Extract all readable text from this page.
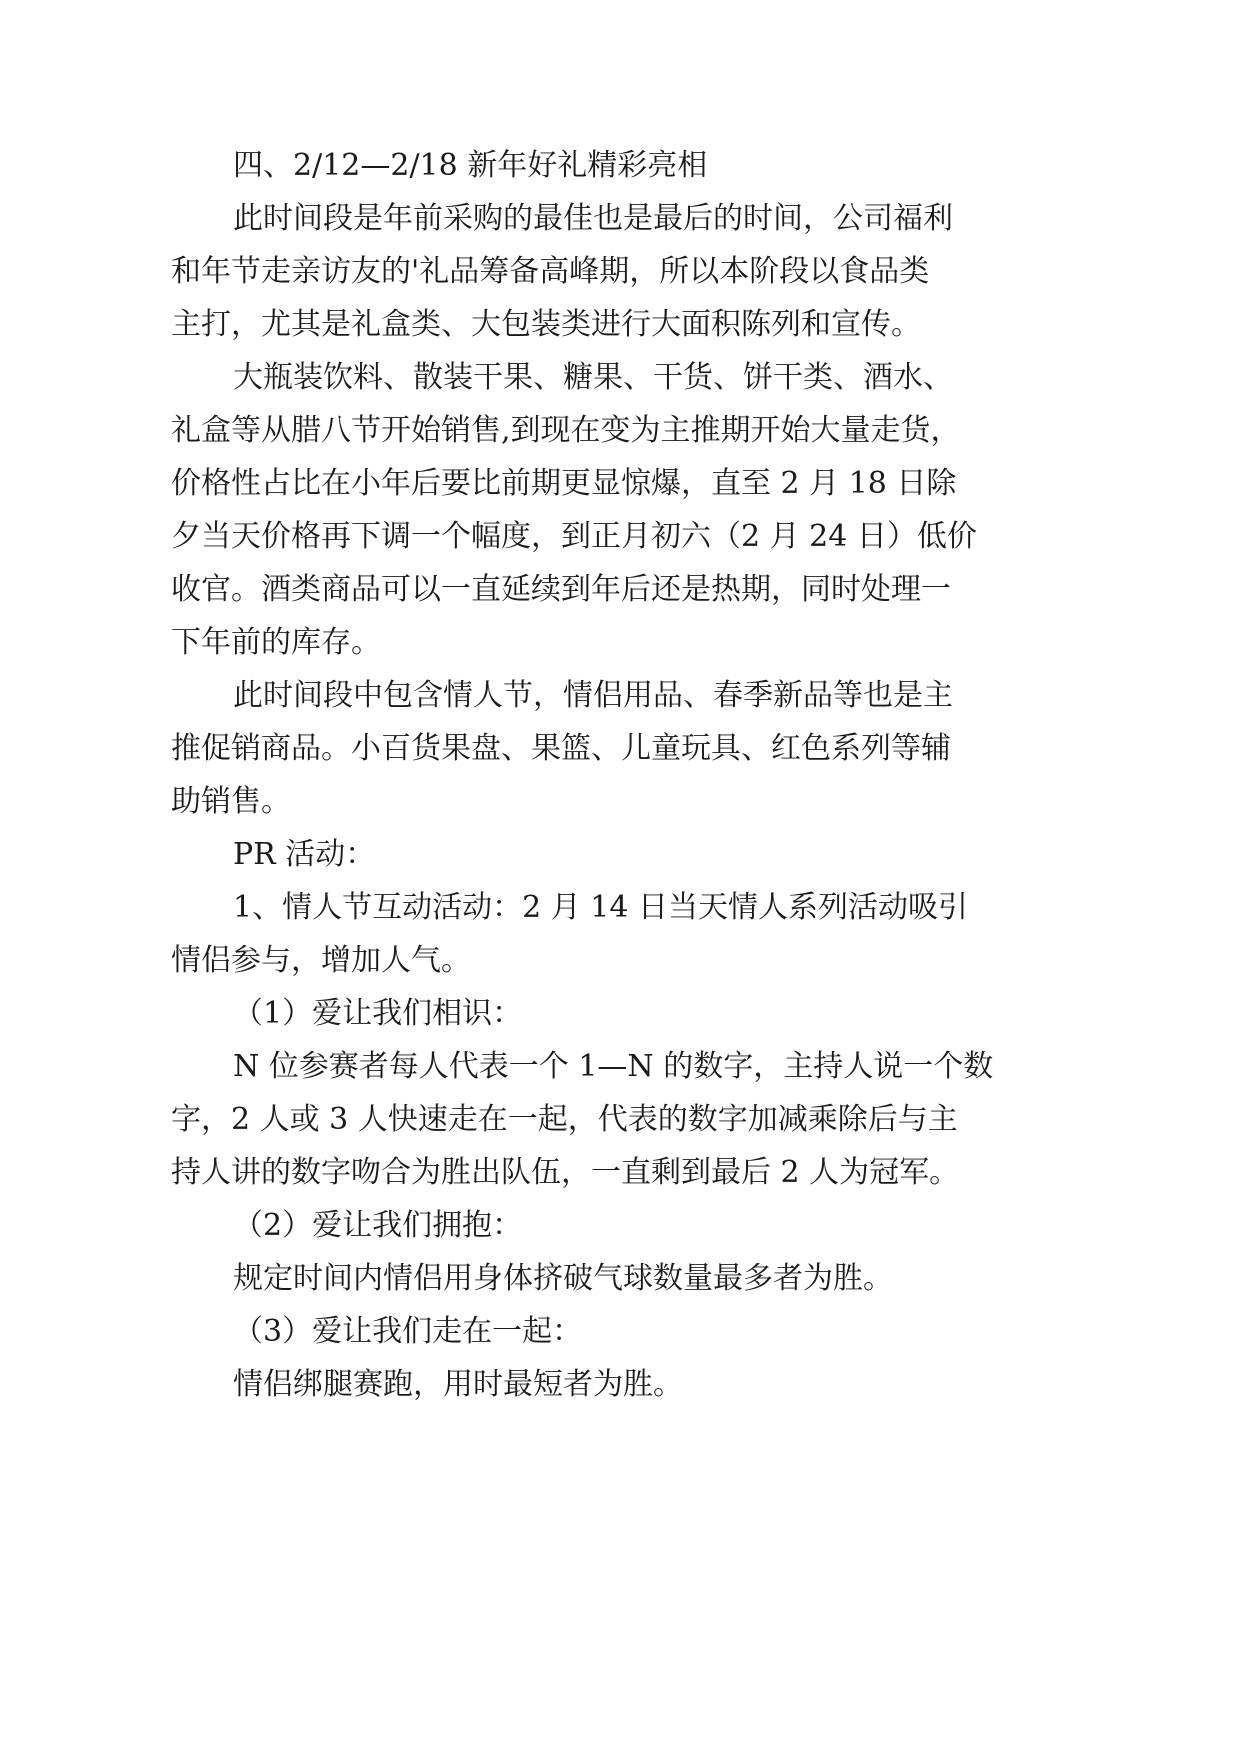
四、2/12—2/18 新年好礼精彩亮相
此时间段是年前采购的最佳也是最后的时间，公司福利
和年节走亲访友的'礼品筹备高峰期，所以本阶段以食品类
主打，尤其是礼盒类、大包装类进行大面积陈列和宣传。
大瓶装饮料、散装干果、糖果、干货、饼干类、酒水、
礼盒等从腊八节开始销售,到现在变为主推期开始大量走货，
价格性占比在小年后要比前期更显惊爆，直至 2 月 18 日除
夕当天价格再下调一个幅度，到正月初六（2 月 24 日）低价
收官。酒类商品可以一直延续到年后还是热期，同时处理一
下年前的库存。
此时间段中包含情人节，情侣用品、春季新品等也是主
推促销商品。小百货果盘、果篮、儿童玩具、红色系列等辅
助销售。
PR 活动：
1、情人节互动活动：2 月 14 日当天情人系列活动吸引
情侣参与，增加人气。
（1）爱让我们相识：
N 位参赛者每人代表一个 1—N 的数字，主持人说一个数
字，2 人或 3 人快速走在一起，代表的数字加减乘除后与主
持人讲的数字吻合为胜出队伍，一直剩到最后 2 人为冠军。
（2）爱让我们拥抱：
规定时间内情侣用身体挤破气球数量最多者为胜。
（3）爱让我们走在一起：
情侣绑腿赛跑，用时最短者为胜。
